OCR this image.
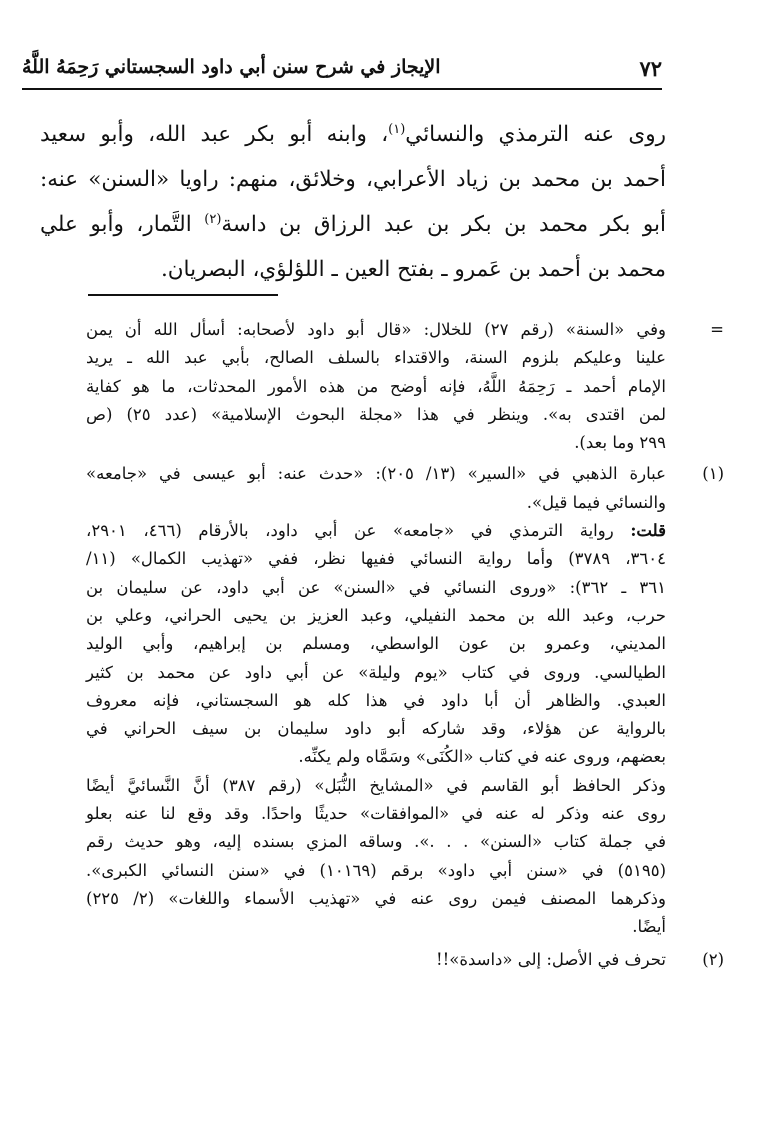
٧٢
الإيجاز في شرح سنن أبي داود السجستاني رَحِمَهُ اللَّهُ
روى عنه الترمذي والنسائي$^{(١)}$، وابنه أبو بكر عبد الله، وأبو سعيد
أحمد بن محمد بن زياد الأعرابي، وخلائق، منهم: راويا «السنن» عنه:
أبو بكر محمد بن بكر بن عبد الرزاق بن داسة$^{(٢)}$ التَّمار، وأبو علي
محمد بن أحمد بن عَمرو ـ بفتح العين ـ اللؤلؤي، البصريان.
=
وفي «السنة» (رقم ٢٧) للخلال: «قال أبو داود لأصحابه: أسأل الله أن يمن
علينا وعليكم بلزوم السنة، والاقتداء بالسلف الصالح، بأبي عبد الله ـ يريد
الإمام أحمد ـ رَحِمَهُ اللَّهُ، فإنه أوضح من هذه الأمور المحدثات، ما هو كفاية
لمن اقتدى به». وينظر في هذا «مجلة البحوث الإسلامية» (عدد ٢٥) (ص
٢٩٩ وما بعد).
(١)
عبارة الذهبي في «السير» (١٣/ ٢٠٥): «حدث عنه: أبو عيسى في «جامعه»
والنسائي فيما قيل».
قلت: رواية الترمذي في «جامعه» عن أبي داود، بالأرقام (٤٦٦، ٢٩٠١،
٣٦٠٤، ٣٧٨٩) وأما رواية النسائي ففيها نظر، ففي «تهذيب الكمال» (١١/
٣٦١ ـ ٣٦٢): «وروى النسائي في «السنن» عن أبي داود، عن سليمان بن
حرب، وعبد الله بن محمد النفيلي، وعبد العزيز بن يحيى الحراني، وعلي بن
المديني، وعمرو بن عون الواسطي، ومسلم بن إبراهيم، وأبي الوليد
الطيالسي. وروى في كتاب «يوم وليلة» عن أبي داود عن محمد بن كثير
العبدي. والظاهر أن أبا داود في هذا كله هو السجستاني، فإنه معروف
بالرواية عن هؤلاء، وقد شاركه أبو داود سليمان بن سيف الحراني في
بعضهم، وروى عنه في كتاب «الكُنَى» وسَمَّاه ولم يكنِّه.
وذكر الحافظ أبو القاسم في «المشايخ النُّبَل» (رقم ٣٨٧) أنَّ النَّسائيَّ أيضًا
روى عنه وذكر له عنه في «الموافقات» حديثًا واحدًا. وقد وقع لنا عنه بعلو
في جملة كتاب «السنن» . . .». وساقه المزي بسنده إليه، وهو حديث رقم
(٥١٩٥) في «سنن أبي داود» برقم (١٠١٦٩) في «سنن النسائي الكبرى».
وذكرهما المصنف فيمن روى عنه في «تهذيب الأسماء واللغات» (٢/ ٢٢٥)
أيضًا.
(٢)
تحرف في الأصل: إلى «داسدة»!!
